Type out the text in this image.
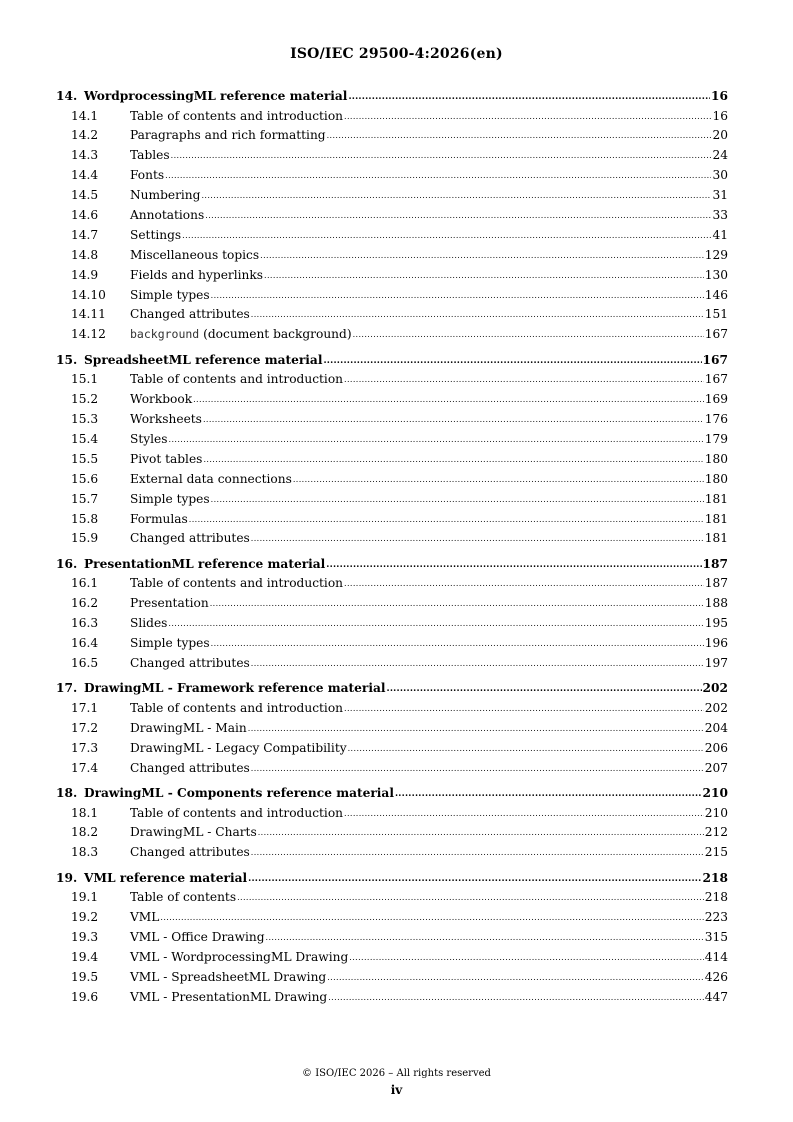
ISO/IEC 29500-4:2026(en)
14. WordprocessingML reference material .....	16
14.1	Table of contents and introduction .....	16
14.2	Paragraphs and rich formatting .....	20
14.3	Tables .....	24
14.4	Fonts .....	30
14.5	Numbering .....	31
14.6	Annotations .....	33
14.7	Settings .....	41
14.8	Miscellaneous topics .....	129
14.9	Fields and hyperlinks .....	130
14.10	Simple types .....	146
14.11	Changed attributes .....	151
14.12	background (document background) .....	167
15. SpreadsheetML reference material .....	167
15.1	Table of contents and introduction .....	167
15.2	Workbook .....	169
15.3	Worksheets .....	176
15.4	Styles .....	179
15.5	Pivot tables .....	180
15.6	External data connections .....	180
15.7	Simple types .....	181
15.8	Formulas .....	181
15.9	Changed attributes .....	181
16. PresentationML reference material .....	187
16.1	Table of contents and introduction .....	187
16.2	Presentation .....	188
16.3	Slides .....	195
16.4	Simple types .....	196
16.5	Changed attributes .....	197
17. DrawingML - Framework reference material .....	202
17.1	Table of contents and introduction .....	202
17.2	DrawingML - Main .....	204
17.3	DrawingML - Legacy Compatibility .....	206
17.4	Changed attributes .....	207
18. DrawingML - Components reference material .....	210
18.1	Table of contents and introduction .....	210
18.2	DrawingML - Charts .....	212
18.3	Changed attributes .....	215
19. VML reference material .....	218
19.1	Table of contents .....	218
19.2	VML .....	223
19.3	VML - Office Drawing .....	315
19.4	VML - WordprocessingML Drawing .....	414
19.5	VML - SpreadsheetML Drawing .....	426
19.6	VML - PresentationML Drawing .....	447
© ISO/IEC 2026 – All rights reserved
iv
